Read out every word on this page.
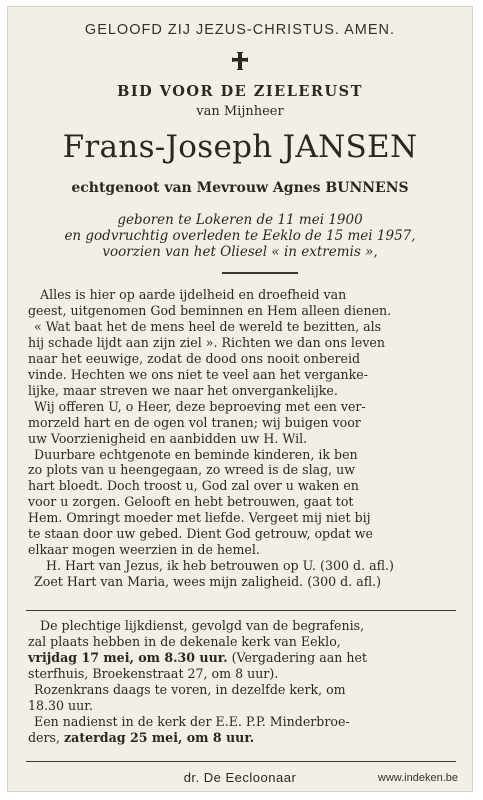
GELOOFD ZIJ JEZUS-CHRISTUS. AMEN.
BID VOOR DE ZIELERUST
van Mijnheer
Frans-Joseph JANSEN
echtgenoot van Mevrouw Agnes BUNNENS
geboren te Lokeren de 11 mei 1900
en godvruchtig overleden te Eeklo de 15 mei 1957,
voorzien van het Oliesel « in extremis »,
Alles is hier op aarde ijdelheid en droefheid van
geest, uitgenomen God beminnen en Hem alleen dienen.
« Wat baat het de mens heel de wereld te bezitten, als
hij schade lijdt aan zijn ziel ». Richten we dan ons leven
naar het eeuwige, zodat de dood ons nooit onbereid
vinde. Hechten we ons niet te veel aan het verganke-
lijke, maar streven we naar het onvergankelijke.
Wij offeren U, o Heer, deze beproeving met een ver-
morzeld hart en de ogen vol tranen; wij buigen voor
uw Voorzienigheid en aanbidden uw H. Wil.
Duurbare echtgenote en beminde kinderen, ik ben
zo plots van u heengegaan, zo wreed is de slag, uw
hart bloedt. Doch troost u, God zal over u waken en
voor u zorgen. Gelooft en hebt betrouwen, gaat tot
Hem. Omringt moeder met liefde. Vergeet mij niet bij
te staan door uw gebed. Dient God getrouw, opdat we
elkaar mogen weerzien in de hemel.
H. Hart van Jezus, ik heb betrouwen op U. (300 d. afl.)
Zoet Hart van Maria, wees mijn zaligheid. (300 d. afl.)
De plechtige lijkdienst, gevolgd van de begrafenis,
zal plaats hebben in de dekenale kerk van Eeklo,
vrijdag 17 mei, om 8.30 uur. (Vergadering aan het
sterfhuis, Broekenstraat 27, om 8 uur).
Rozenkrans daags te voren, in dezelfde kerk, om
18.30 uur.
Een nadienst in de kerk der E.E. P.P. Minderbroe-
ders, zaterdag 25 mei, om 8 uur.
dr. De Eecloonaar	www.indeken.be
